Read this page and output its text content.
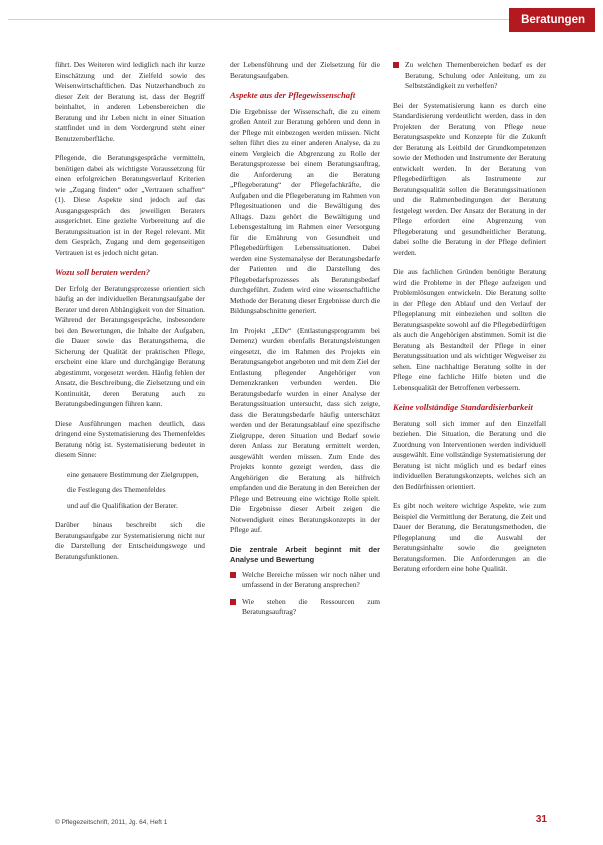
Beratungen

führt. Des Weiteren wird lediglich nach ihr kurze Einschätzung und der Zielfeld sowie des Weisenwirtschaftlichen. Das Nutzerhandbuch zu dieser Zeit der Beratung ist, dass der Begriff beinhaltet, in anderen Lebensbereichen die Beratung und ihr Leben nicht in einer Situation stattfindet und in dem Vordergrund steht einer Benutzeroberfläche.

Pflegende, die Beratungsgespräche vermitteln, benötigen dabei als wichtigste Voraussetzung für einen erfolgreichen Beratungsverlauf Kriterien wie „Zugang finden“ oder „Vertrauen schaffen“ (1). Diese Aspekte sind jedoch auf das Ausgangsgespräch des jeweiligen Beraters ausgerichtet. Eine gezielte Vorbereitung auf die Beratungssituation ist in der Regel relevant. Mit dem Gespräch, Zugang und dem gegenseitigen Vertrauen ist es jedoch nicht getan.

Wozu soll beraten werden?

Der Erfolg der Beratungsprozesse orientiert sich häufig an der individuellen Beratungsaufgabe der Berater und deren Abhängigkeit von der Situation. Während der Beratungsgespräche, insbesondere bei den Bewertungen, die Inhalte der Aufgaben, die Dauer sowie das Beratungsthema, die Sicherung der Qualität der praktischen Pflege, erscheint eine klare und durchgängige Beratung abgestimmt, vorgesetzt werden. Häufig fehlen der Ansatz, die Beschreibung, die Zielsetzung und ein Kontinuität, deren Beratung auch zu Beratungsbedingungen führen kann.

Diese Ausführungen machen deutlich, dass dringend eine Systematisierung des Themenfeldes Beratung nötig ist. Systematisierung bedeutet in diesem Sinne:

eine genauere Bestimmung der Zielgruppen,
die Festlegung des Themenfeldes
und auf die Qualifikation der Berater.

Darüber hinaus beschreibt sich die Beratungsaufgabe zur Systematisierung nicht nur die Darstellung der Entscheidungswege und Beratungsfunktionen.

der Lebensführung und der Zielsetzung für die Beratungsaufgaben.

Aspekte aus der Pflegewissenschaft

Die Ergebnisse der Wissenschaft, die zu einem großen Anteil zur Beratung gehören und denn in der Pflege mit einbezogen werden müssen. Nicht selten führt dies zu einer anderen Analyse, da zu einem Vergleich die Abgrenzung zu Rolle der Beratungsprozesse bei einem Beratungsauftrag, die Anforderung an die Beratung „Pflegeberatung“ der Pflegefachkräfte, die Aufgaben und die Pflegeberatung im Rahmen von Pflegesituationen und die Bewältigung des Alltags. Dazu gehört die Bewältigung und Lebensgestaltung im Rahmen einer Versorgung für die Ernährung von Gesundheit und Pflegebedürftigen Lebenssituationen. Dabei werden eine Systemanalyse der Beratungsbedarfe der Patienten und die Darstellung des Pflegebedarfsprozesses als Beratungsbedarf durchgeführt. Zudem wird eine wissenschaftliche Methode der Beratung dieser Ergebnisse durch die Bildungsabschnitte generiert.

Im Projekt „EDe“ (Entlastungsprogramm bei Demenz) wurden ebenfalls Beratungsleistungen eingesetzt, die im Rahmen des Projekts ein Beratungsangebot angeboten und mit dem Ziel der Entlastung pflegender Angehöriger von Demenzkranken verbunden werden. Die Beratungsbedarfe wurden in einer Analyse der Beratungssituation untersucht, dass sich zeigte, dass die Beratungsbedarfe häufig unterschätzt werden und der Beratungsablauf eine spezifische Zielgruppe, deren Situation und Bedarf sowie deren Anlass zur Beratung ermittelt werden, ausgewählt werden müssen. Zum Ende des Projekts konnte gezeigt werden, dass die Angehörigen die Beratung als hilfreich empfanden und die Beratung in den Bereichen der Pflege und Betreuung eine wichtige Rolle spielt. Die Ergebnisse dieser Arbeit zeigen die Notwendigkeit eines Beratungskonzepts in der Pflege auf.

Die zentrale Arbeit beginnt mit der Analyse und Bewertung
Welche Bereiche müssen wir noch näher und umfassend in der Beratung ansprechen?
Wie stehen die Ressourcen zum Beratungsauftrag?
Zu welchen Themenbereichen bedarf es der Beratung, Schulung oder Anleitung, um zu Selbstständigkeit zu verhelfen?

Bei der Systematisierung kann es durch eine Standardisierung verdeutlicht werden, dass in den Projekten der Beratung von Pflege neue Beratungsaspekte und Konzepte für die Zukunft der Beratung als Leitbild der Grundkompetenzen sowie der Methoden und Instrumente der Beratung entwickelt werden. In der Beratung von Pflegebedürftigen als Instrumente zur Beratungsqualität sollen die Beratungssituationen und die Rahmenbedingungen der Beratung festgelegt werden. Der Ansatz der Beratung in der Pflege erfordert eine Abgrenzung von Pflegeberatung und gesundheitlicher Beratung, dabei sollte die Beratung in der Pflege definiert werden.

Die aus fachlichen Gründen benötigte Beratung wird die Probleme in der Pflege aufzeigen und Problemlösungen entwickeln. Die Beratung sollte in der Pflege den Ablauf und den Verlauf der Pflegeplanung mit einbeziehen und sollten die Beratungsaspekte sowohl auf die Pflegebedürftigen als auch die Angehörigen abstimmen. Somit ist die Beratung als Bestandteil der Pflege in einer Beratungssituation und als wichtiger Wegweiser zu sehen. Eine nachhaltige Beratung sollte in der Pflege eine fachliche Hilfe bieten und die Lebensqualität der Betroffenen verbessern.

Keine vollständige Standardisierbarkeit

Beratung soll sich immer auf den Einzelfall beziehen. Die Situation, die Beratung und die Zuordnung von Interventionen werden individuell ausgewählt. Eine vollständige Systematisierung der Beratung ist nicht möglich und es bedarf eines individuellen Beratungskonzepts, welches sich an den Bedürfnissen orientiert.

Es gibt noch weitere wichtige Aspekte, wie zum Beispiel die Vermittlung der Beratung, die Zeit und Dauer der Beratung, die Beratungsmethoden, die Pflegeplanung und die Auswahl der Beratungsinhalte sowie die geeigneten Beratungsformen. Die Anforderungen an die Beratung erfordern eine hohe Qualität.

© Pflegezeitschrift, 2011, Jg. 64, Heft 1	31
